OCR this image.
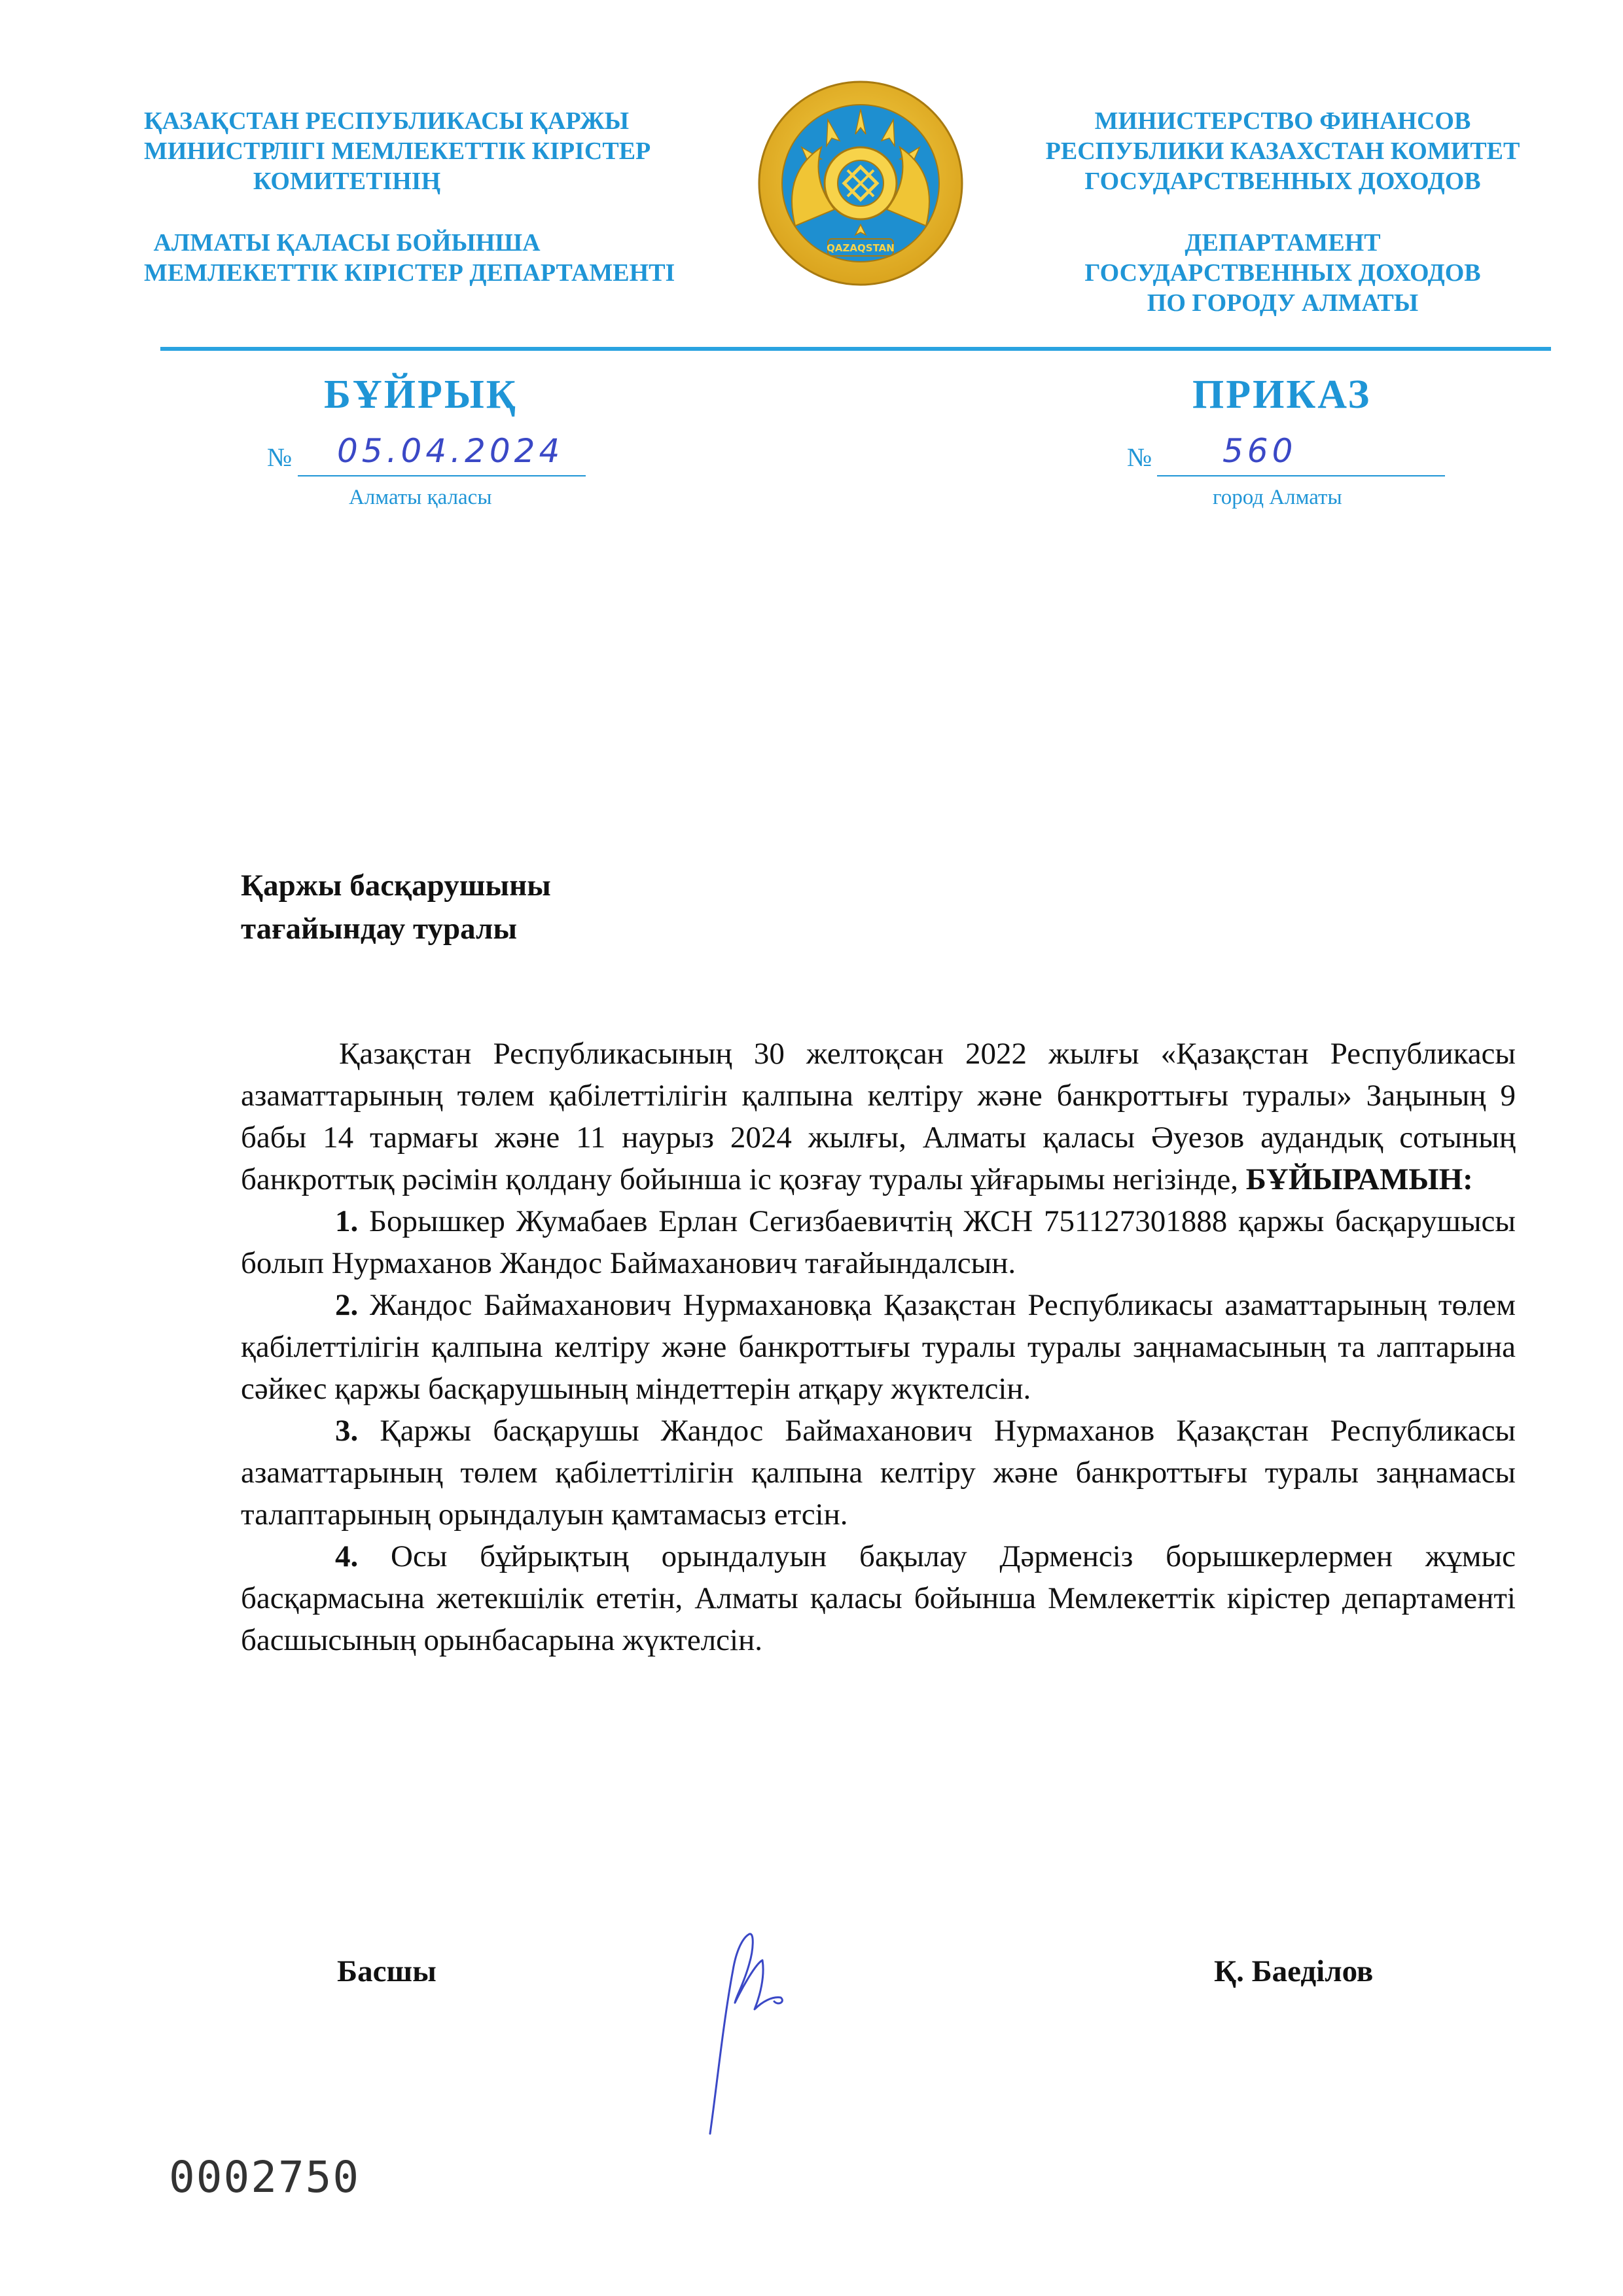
ҚАЗАҚСТАН РЕСПУБЛИКАСЫ ҚАРЖЫ
МИНИСТРЛІГІ МЕМЛЕКЕТТІК КІРІСТЕР
КОМИТЕТІНІҢ
АЛМАТЫ ҚАЛАСЫ БОЙЫНША
МЕМЛЕКЕТТІК КІРІСТЕР ДЕПАРТАМЕНТІ
QAZAQSTAN
МИНИСТЕРСТВО ФИНАНСОВ
РЕСПУБЛИКИ КАЗАХСТАН КОМИТЕТ
ГОСУДАРСТВЕННЫХ ДОХОДОВ
ДЕПАРТАМЕНТ
ГОСУДАРСТВЕННЫХ ДОХОДОВ
ПО ГОРОДУ АЛМАТЫ
БҰЙРЫҚ	ПРИКАЗ
№ 05.04.2024
Алматы қаласы
№ 560
город Алматы
Қаржы басқарушыны
тағайындау туралы

Қазақстан Республикасының 30 желтоқсан 2022 жылғы «Қазақстан Республикасы азаматтарының төлем қабілеттілігін қалпына келтіру және банкроттығы туралы» Заңының 9 бабы 14 тармағы және 11 наурыз 2024 жылғы, Алматы қаласы Әуезов аудандық сотының банкроттық рәсімін қолдану бойынша іс қозғау туралы ұйғарымы негізінде, БҰЙЫРАМЫН:

1. Борышкер Жумабаев Ерлан Сегизбаевичтің ЖСН 751127301888 қаржы басқарушысы болып Нурмаханов Жандос Баймаханович тағайындалсын.

2. Жандос Баймаханович Нурмахановқа Қазақстан Республикасы азаматтарының төлем қабілеттілігін қалпына келтіру және банкроттығы туралы туралы заңнамасының та лаптарына сәйкес қаржы басқарушының міндеттерін атқару жүктелсін.

3. Қаржы басқарушы Жандос Баймаханович Нурмаханов Қазақстан Республикасы азаматтарының төлем қабілеттілігін қалпына келтіру және банкроттығы туралы заңнамасы талаптарының орындалуын қамтамасыз етсін.

4. Осы бұйрықтың орындалуын бақылау Дәрменсіз борышкерлермен жұмыс басқармасына жетекшілік ететін, Алматы қаласы бойынша Мемлекеттік кірістер департаменті басшысының орынбасарына жүктелсін.

Басшы	Қ. Баеділов
0002750
